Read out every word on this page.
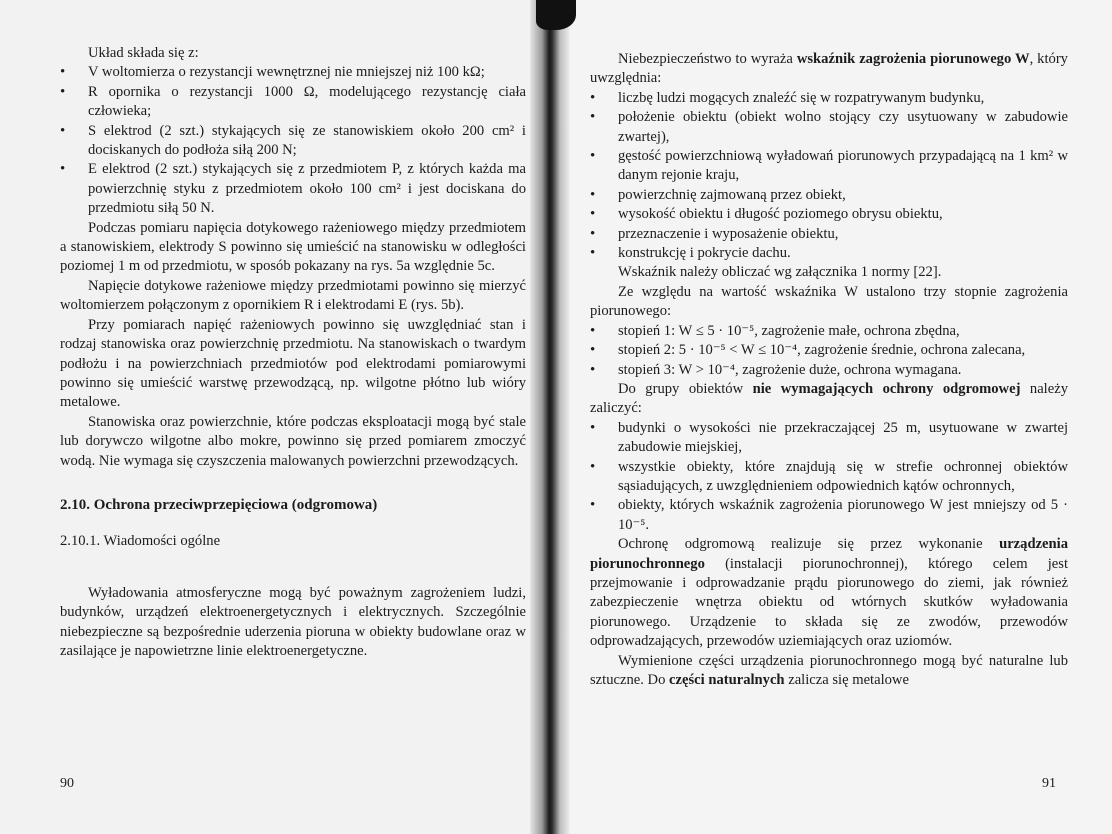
Układ składa się z:

• V woltomierza o rezystancji wewnętrznej nie mniejszej niż 100 kΩ;
• R opornika o rezystancji 1000 Ω, modelującego rezystancję ciała człowieka;
• S elektrod (2 szt.) stykających się ze stanowiskiem około 200 cm² i dociskanych do podłoża siłą 200 N;
• E elektrod (2 szt.) stykających się z przedmiotem P, z których każda ma powierzchnię styku z przedmiotem około 100 cm² i jest dociskana do przedmiotu siłą 50 N.

Podczas pomiaru napięcia dotykowego rażeniowego między przedmiotem a stanowiskiem, elektrody S powinno się umieścić na stanowisku w odległości poziomej 1 m od przedmiotu, w sposób pokazany na rys. 5a względnie 5c.

Napięcie dotykowe rażeniowe między przedmiotami powinno się mierzyć woltomierzem połączonym z opornikiem R i elektrodami E (rys. 5b).

Przy pomiarach napięć rażeniowych powinno się uwzględniać stan i rodzaj stanowiska oraz powierzchnię przedmiotu. Na stanowiskach o twardym podłożu i na powierzchniach przedmiotów pod elektrodami pomiarowymi powinno się umieścić warstwę przewodzącą, np. wilgotne płótno lub wióry metalowe.

Stanowiska oraz powierzchnie, które podczas eksploatacji mogą być stale lub dorywczo wilgotne albo mokre, powinno się przed pomiarem zmoczyć wodą. Nie wymaga się czyszczenia malowanych powierzchni przewodzących.

2.10. Ochrona przeciwprzepięciowa (odgromowa)
2.10.1. Wiadomości ogólne

Wyładowania atmosferyczne mogą być poważnym zagrożeniem ludzi, budynków, urządzeń elektroenergetycznych i elektrycznych. Szczególnie niebezpieczne są bezpośrednie uderzenia pioruna w obiekty budowlane oraz w zasilające je napowietrzne linie elektroenergetyczne.

90

Niebezpieczeństwo to wyraża wskaźnik zagrożenia piorunowego W, który uwzględnia:

• liczbę ludzi mogących znaleźć się w rozpatrywanym budynku,
• położenie obiektu (obiekt wolno stojący czy usytuowany w zabudowie zwartej),
• gęstość powierzchniową wyładowań piorunowych przypadającą na 1 km² w danym rejonie kraju,
• powierzchnię zajmowaną przez obiekt,
• wysokość obiektu i długość poziomego obrysu obiektu,
• przeznaczenie i wyposażenie obiektu,
• konstrukcję i pokrycie dachu.

Wskaźnik należy obliczać wg załącznika 1 normy [22].

Ze względu na wartość wskaźnika W ustalono trzy stopnie zagrożenia piorunowego:

• stopień 1: W ≤ 5 · 10⁻⁵, zagrożenie małe, ochrona zbędna,
• stopień 2: 5 · 10⁻⁵ < W ≤ 10⁻⁴, zagrożenie średnie, ochrona zalecana,
• stopień 3: W > 10⁻⁴, zagrożenie duże, ochrona wymagana.

Do grupy obiektów nie wymagających ochrony odgromowej należy zaliczyć:

• budynki o wysokości nie przekraczającej 25 m, usytuowane w zwartej zabudowie miejskiej,
• wszystkie obiekty, które znajdują się w strefie ochronnej obiektów sąsiadujących, z uwzględnieniem odpowiednich kątów ochronnych,
• obiekty, których wskaźnik zagrożenia piorunowego W jest mniejszy od 5 · 10⁻⁵.

Ochronę odgromową realizuje się przez wykonanie urządzenia piorunochronnego (instalacji piorunochronnej), którego celem jest przejmowanie i odprowadzanie prądu piorunowego do ziemi, jak również zabezpieczenie wnętrza obiektu od wtórnych skutków wyładowania piorunowego. Urządzenie to składa się ze zwodów, przewodów odprowadzających, przewodów uziemiających oraz uziomów.

Wymienione części urządzenia piorunochronnego mogą być naturalne lub sztuczne. Do części naturalnych zalicza się metalowe

91
